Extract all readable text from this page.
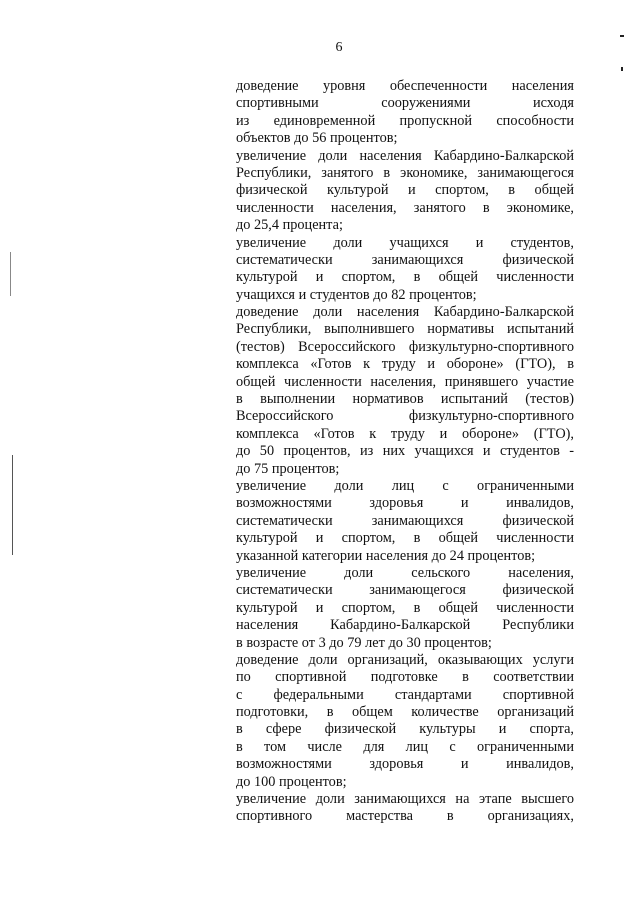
6
доведение уровня обеспеченности населения
спортивными сооружениями исходя
из единовременной пропускной способности
объектов до 56 процентов;
увеличение доли населения Кабардино-Балкарской
Республики, занятого в экономике, занимающегося
физической культурой и спортом, в общей
численности населения, занятого в экономике,
до 25,4 процента;
увеличение доли учащихся и студентов,
систематически занимающихся физической
культурой и спортом, в общей численности
учащихся и студентов до 82 процентов;
доведение доли населения Кабардино-Балкарской
Республики, выполнившего нормативы испытаний
(тестов) Всероссийского физкультурно-спортивного
комплекса «Готов к труду и обороне» (ГТО), в
общей численности населения, принявшего участие
в выполнении нормативов испытаний (тестов)
Всероссийского физкультурно-спортивного
комплекса «Готов к труду и обороне» (ГТО),
до 50 процентов, из них учащихся и студентов -
до 75 процентов;
увеличение доли лиц с ограниченными
возможностями здоровья и инвалидов,
систематически занимающихся физической
культурой и спортом, в общей численности
указанной категории населения до 24 процентов;
увеличение доли сельского населения,
систематически занимающегося физической
культурой и спортом, в общей численности
населения Кабардино-Балкарской Республики
в возрасте от 3 до 79 лет до 30 процентов;
доведение доли организаций, оказывающих услуги
по спортивной подготовке в соответствии
с федеральными стандартами спортивной
подготовки, в общем количестве организаций
в сфере физической культуры и спорта,
в том числе для лиц с ограниченными
возможностями здоровья и инвалидов,
до 100 процентов;
увеличение доли занимающихся на этапе высшего
спортивного мастерства в организациях,
